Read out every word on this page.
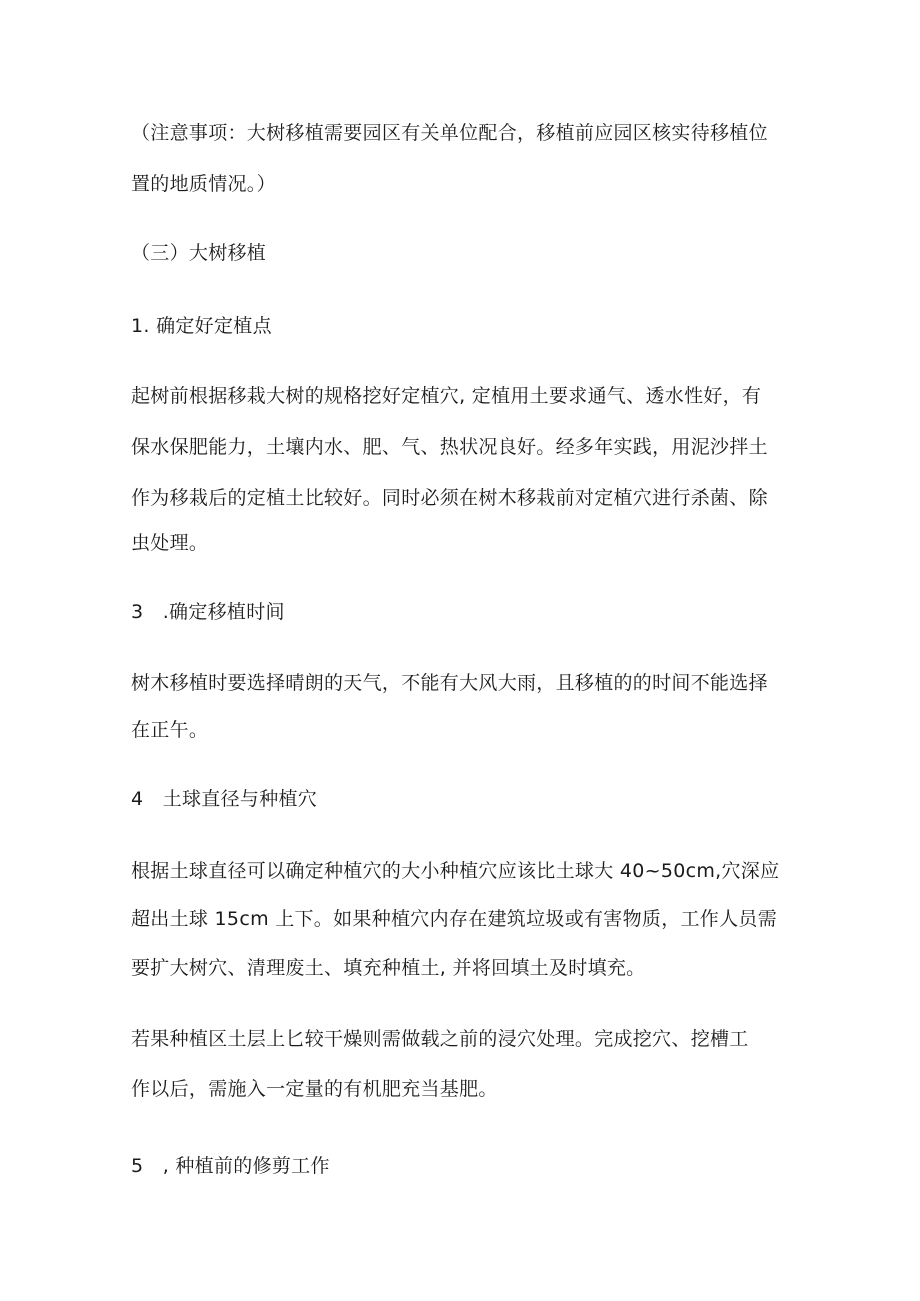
（注意事项：大树移植需要园区有关单位配合，移植前应园区核实待移植位
置的地质情况。）
（三）大树移植
1. 确定好定植点
起树前根据移栽大树的规格挖好定植穴, 定植用土要求通气、透水性好，有
保水保肥能力，土壤内水、肥、气、热状况良好。经多年实践，用泥沙拌土
作为移栽后的定植土比较好。同时必须在树木移栽前对定植穴进行杀菌、除
虫处理。
3　.确定移植时间
树木移植时要选择晴朗的天气，不能有大风大雨，且移植的的时间不能选择
在正午。
4　土球直径与种植穴
根据土球直径可以确定种植穴的大小种植穴应该比土球大 40~50cm,穴深应
超出土球 15cm 上下。如果种植穴内存在建筑垃圾或有害物质，工作人员需
要扩大树穴、清理废土、填充种植土, 并将回填土及时填充。
若果种植区土层上匕较干燥则需做载之前的浸穴处理。完成挖穴、挖槽工
作以后，需施入一定量的有机肥充当基肥。
5　, 种植前的修剪工作
